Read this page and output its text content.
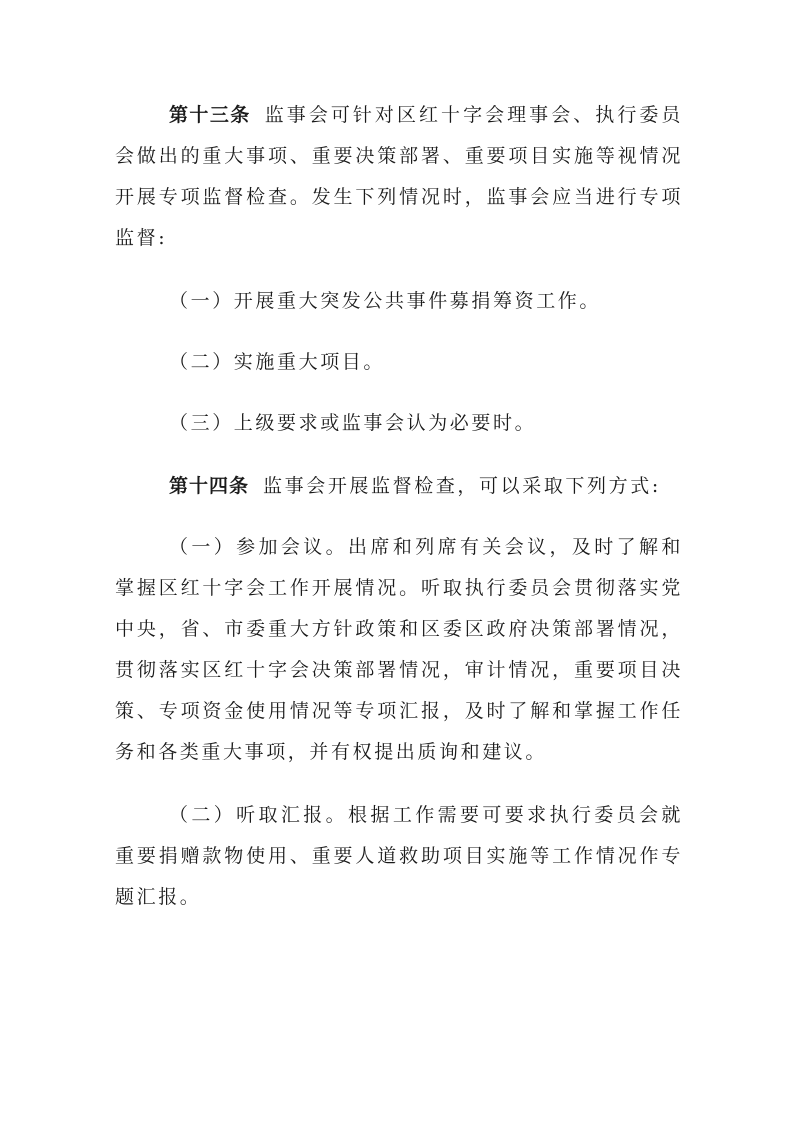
第十三条 监事会可针对区红十字会理事会、执行委员会做出的重大事项、重要决策部署、重要项目实施等视情况开展专项监督检查。发生下列情况时，监事会应当进行专项监督:

（一）开展重大突发公共事件募捐筹资工作。

（二）实施重大项目。

（三）上级要求或监事会认为必要时。

第十四条 监事会开展监督检查，可以采取下列方式:

（一）参加会议。出席和列席有关会议，及时了解和掌握区红十字会工作开展情况。听取执行委员会贯彻落实党中央，省、市委重大方针政策和区委区政府决策部署情况，贯彻落实区红十字会决策部署情况，审计情况，重要项目决策、专项资金使用情况等专项汇报，及时了解和掌握工作任务和各类重大事项，并有权提出质询和建议。

（二）听取汇报。根据工作需要可要求执行委员会就重要捐赠款物使用、重要人道救助项目实施等工作情况作专题汇报。
